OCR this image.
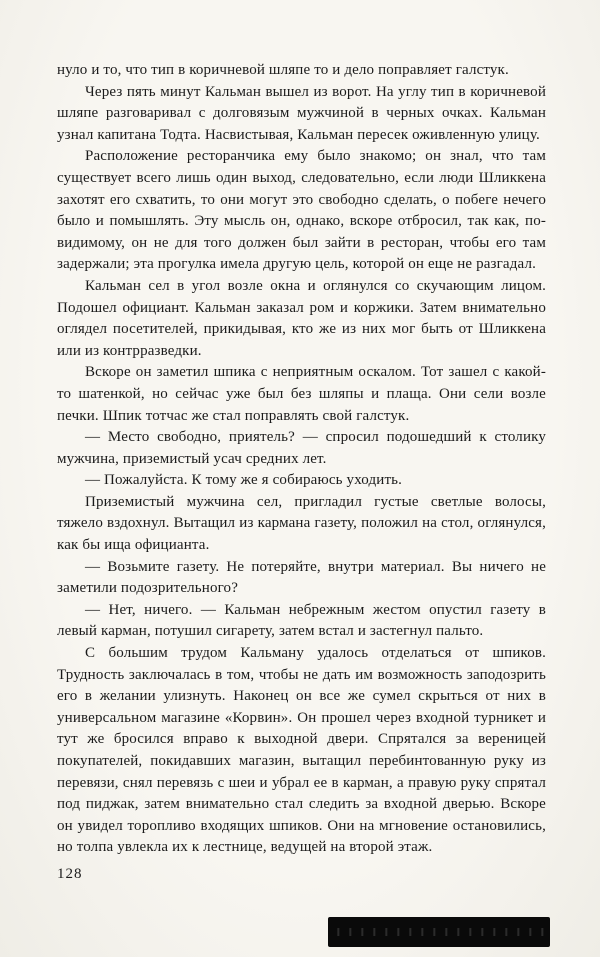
нуло и то, что тип в коричневой шляпе то и дело поправляет галстук.

Через пять минут Кальман вышел из ворот. На углу тип в коричневой шляпе разговаривал с долговязым мужчиной в черных очках. Кальман узнал капитана Тодта. Насвистывая, Кальман пересек оживленную улицу.

Расположение ресторанчика ему было знакомо; он знал, что там существует всего лишь один выход, следовательно, если люди Шликкена захотят его схватить, то они могут это свободно сделать, о побеге нечего было и помышлять. Эту мысль он, однако, вскоре отбросил, так как, по-видимому, он не для того должен был зайти в ресторан, чтобы его там задержали; эта прогулка имела другую цель, которой он еще не разгадал.

Кальман сел в угол возле окна и оглянулся со скучающим лицом. Подошел официант. Кальман заказал ром и коржики. Затем внимательно оглядел посетителей, прикидывая, кто же из них мог быть от Шликкена или из контрразведки.

Вскоре он заметил шпика с неприятным оскалом. Тот зашел с какой-то шатенкой, но сейчас уже был без шляпы и плаща. Они сели возле печки. Шпик тотчас же стал поправлять свой галстук.

— Место свободно, приятель? — спросил подошедший к столику мужчина, приземистый усач средних лет.

— Пожалуйста. К тому же я собираюсь уходить.

Приземистый мужчина сел, пригладил густые светлые волосы, тяжело вздохнул. Вытащил из кармана газету, положил на стол, оглянулся, как бы ища официанта.

— Возьмите газету. Не потеряйте, внутри материал. Вы ничего не заметили подозрительного?

— Нет, ничего. — Кальман небрежным жестом опустил газету в левый карман, потушил сигарету, затем встал и застегнул пальто.

С большим трудом Кальману удалось отделаться от шпиков. Трудность заключалась в том, чтобы не дать им возможность заподозрить его в желании улизнуть. Наконец он все же сумел скрыться от них в универсальном магазине «Корвин». Он прошел через входной турникет и тут же бросился вправо к выходной двери. Спрятался за вереницей покупателей, покидавших магазин, вытащил перебинтованную руку из перевязи, снял перевязь с шеи и убрал ее в карман, а правую руку спрятал под пиджак, затем внимательно стал следить за входной дверью. Вскоре он увидел торопливо входящих шпиков. Они на мгновение остановились, но толпа увлекла их к лестнице, ведущей на второй этаж.

128
